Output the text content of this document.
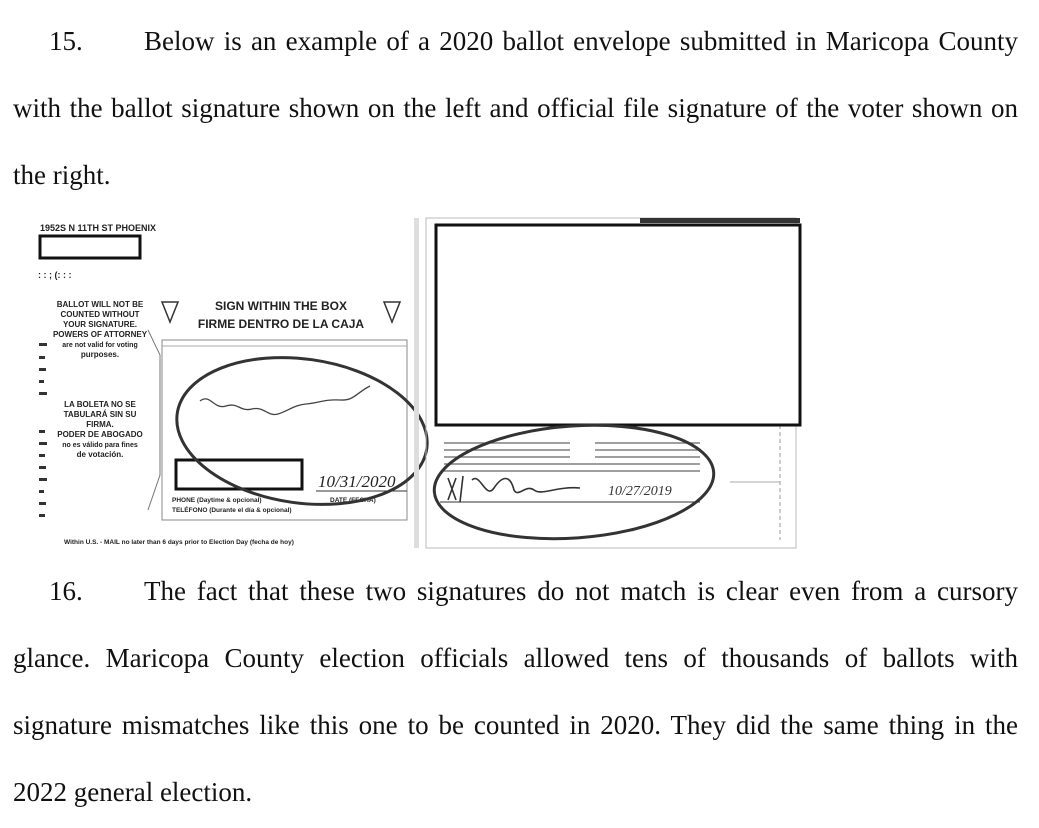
15. Below is an example of a 2020 ballot envelope submitted in Maricopa County with the ballot signature shown on the left and official file signature of the voter shown on the right.

1952S N 11TH ST PHOENIX
: : ; (: : :
BALLOT WILL NOT BE
COUNTED WITHOUT
YOUR SIGNATURE.
POWERS OF ATTORNEY
are not valid for voting
purposes.
LA BOLETA NO SE
TABULARÁ SIN SU
FIRMA.
PODER DE ABOGADO
no es válido para fines
de votación.
SIGN WITHIN THE BOX
FIRME DENTRO DE LA CAJA
10/31/2020
PHONE (Daytime & opcional)
TELÉFONO (Durante el día & opcional)
DATE (FECHA)
Within U.S. - MAIL no later than 6 days prior to Election Day (fecha de hoy)
10/27/2019

16. The fact that these two signatures do not match is clear even from a cursory glance. Maricopa County election officials allowed tens of thousands of ballots with signature mismatches like this one to be counted in 2020. They did the same thing in the 2022 general election.
